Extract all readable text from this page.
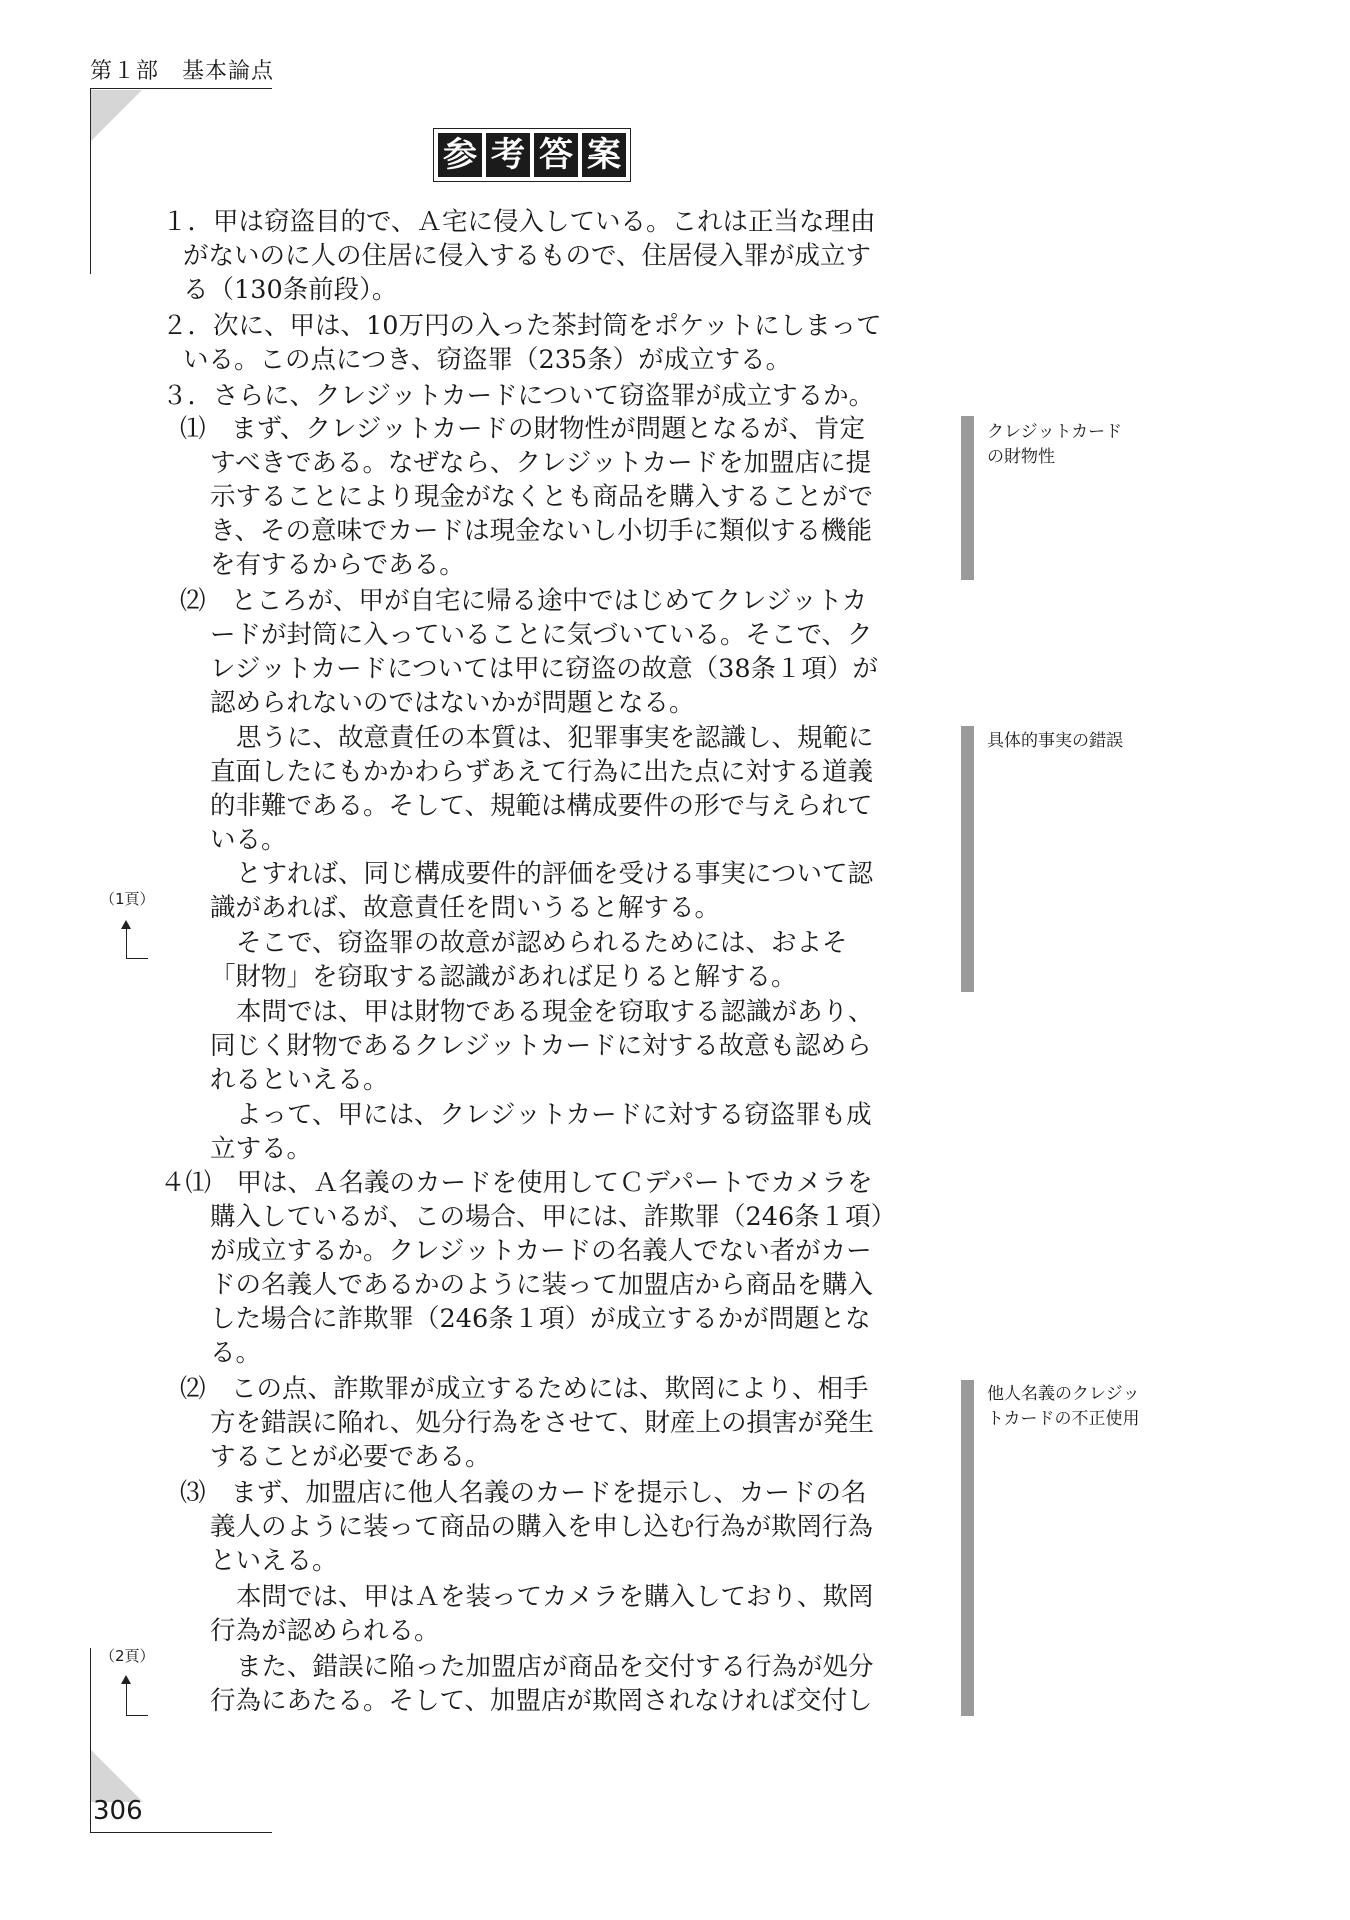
第１部　基本論点
参 考 答 案
１．甲は窃盗目的で、Ａ宅に侵入している。これは正当な理由
がないのに人の住居に侵入するもので、住居侵入罪が成立す
る（130条前段）。
２．次に、甲は、10万円の入った茶封筒をポケットにしまって
いる。この点につき、窃盗罪（235条）が成立する。
３．さらに、クレジットカードについて窃盗罪が成立するか。
⑴　まず、クレジットカードの財物性が問題となるが、肯定
すべきである。なぜなら、クレジットカードを加盟店に提
示することにより現金がなくとも商品を購入することがで
き、その意味でカードは現金ないし小切手に類似する機能
を有するからである。
⑵　ところが、甲が自宅に帰る途中ではじめてクレジットカ
ードが封筒に入っていることに気づいている。そこで、ク
レジットカードについては甲に窃盗の故意（38条１項）が
認められないのではないかが問題となる。
思うに、故意責任の本質は、犯罪事実を認識し、規範に
直面したにもかかわらずあえて行為に出た点に対する道義
的非難である。そして、規範は構成要件の形で与えられて
いる。
とすれば、同じ構成要件的評価を受ける事実について認
識があれば、故意責任を問いうると解する。
そこで、窃盗罪の故意が認められるためには、およそ
「財物」を窃取する認識があれば足りると解する。
本問では、甲は財物である現金を窃取する認識があり、
同じく財物であるクレジットカードに対する故意も認めら
れるといえる。
よって、甲には、クレジットカードに対する窃盗罪も成
立する。
４⑴　甲は、Ａ名義のカードを使用してＣデパートでカメラを
購入しているが、この場合、甲には、詐欺罪（246条１項）
が成立するか。クレジットカードの名義人でない者がカー
ドの名義人であるかのように装って加盟店から商品を購入
した場合に詐欺罪（246条１項）が成立するかが問題とな
る。
⑵　この点、詐欺罪が成立するためには、欺罔により、相手
方を錯誤に陥れ、処分行為をさせて、財産上の損害が発生
することが必要である。
⑶　まず、加盟店に他人名義のカードを提示し、カードの名
義人のように装って商品の購入を申し込む行為が欺罔行為
といえる。
本問では、甲はＡを装ってカメラを購入しており、欺罔
行為が認められる。
また、錯誤に陥った加盟店が商品を交付する行為が処分
行為にあたる。そして、加盟店が欺罔されなければ交付し
クレジットカード
の財物性
具体的事実の錯誤
他人名義のクレジッ
トカードの不正使用
（1頁）
（2頁）
306
